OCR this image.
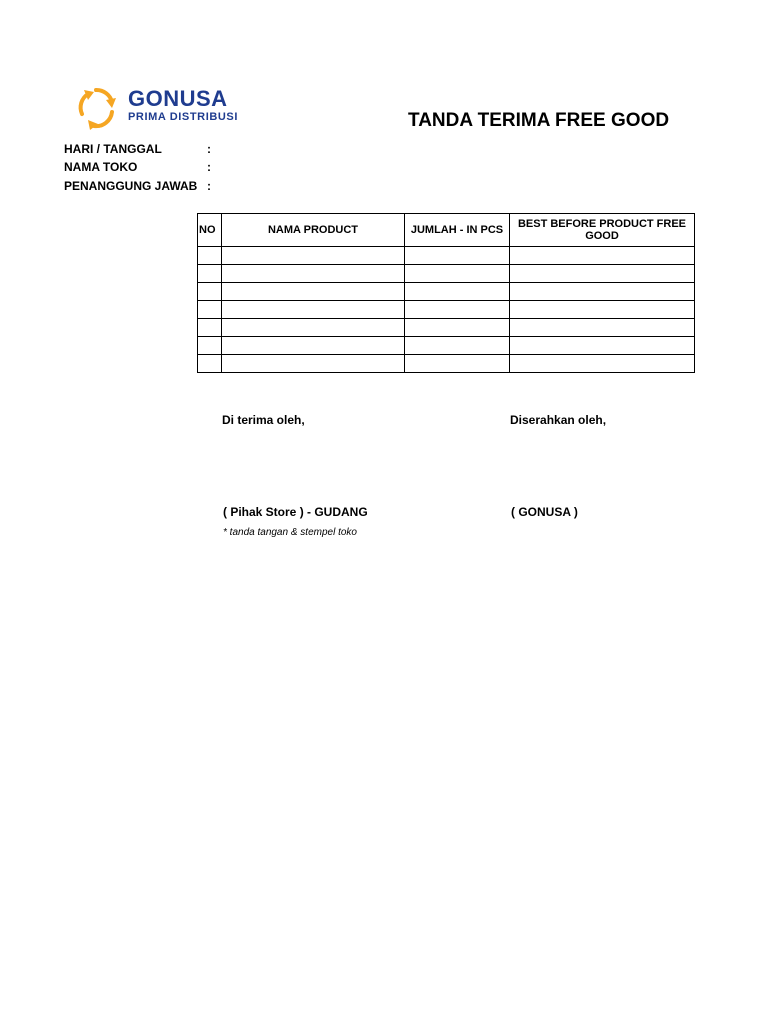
GONUSA
PRIMA DISTRIBUSI	TANDA TERIMA FREE GOOD
HARI / TANGGAL	:
NAMA TOKO	:
PENANGGUNG JAWAB :
NO	NAMA PRODUCT	JUMLAH - IN PCS	BEST BEFORE PRODUCT FREE GOOD

Di terima oleh,	Diserahkan oleh,
( Pihak Store ) - GUDANG	( GONUSA )
* tanda tangan & stempel toko
